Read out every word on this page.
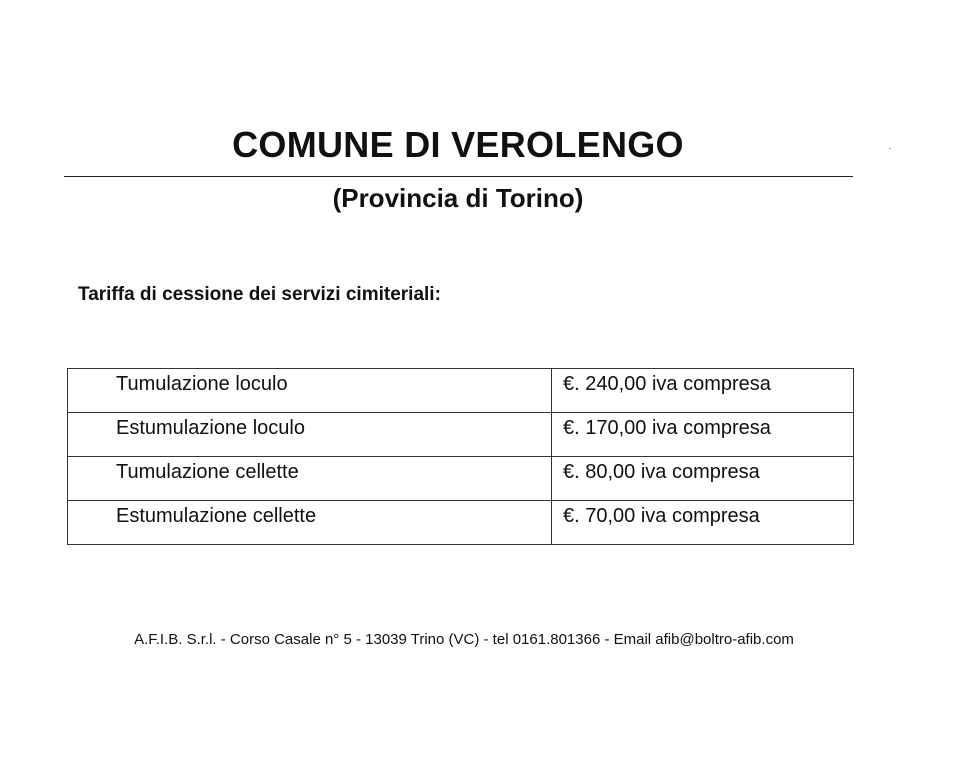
COMUNE DI VEROLENGO
(Provincia di Torino)

Tariffa di cessione dei servizi cimiteriali:

Tumulazione loculo	€. 240,00 iva compresa
Estumulazione loculo	€. 170,00 iva compresa
Tumulazione cellette	€. 80,00 iva compresa
Estumulazione cellette	€. 70,00 iva compresa

A.F.I.B. S.r.l. - Corso Casale n° 5 - 13039 Trino (VC) - tel 0161.801366 - Email afib@boltro-afib.com
